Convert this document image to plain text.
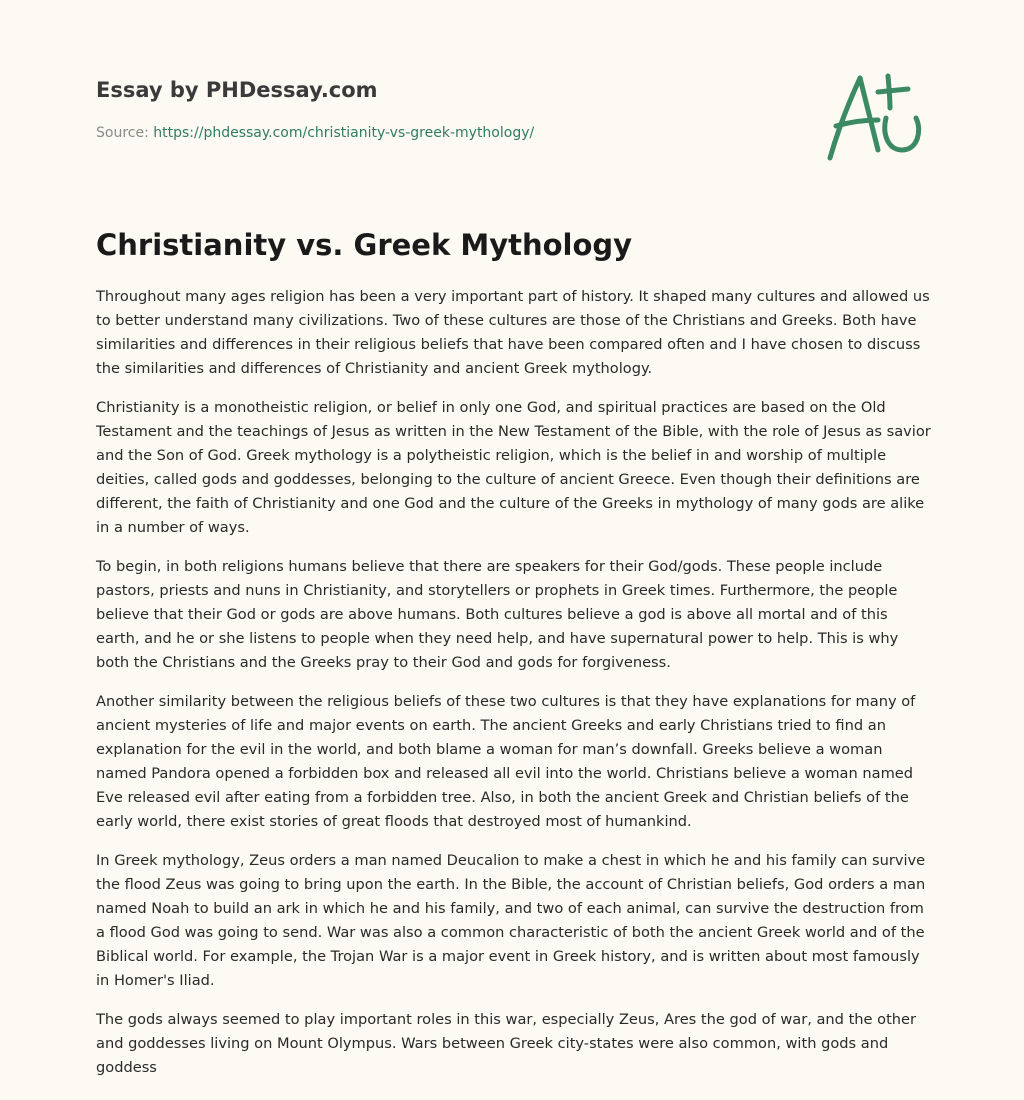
Essay by PHDessay.com
Source: https://phdessay.com/christianity-vs-greek-mythology/
Christianity vs. Greek Mythology

Throughout many ages religion has been a very important part of history. It shaped many cultures and allowed us to better understand many civilizations. Two of these cultures are those of the Christians and Greeks. Both have similarities and differences in their religious beliefs that have been compared often and I have chosen to discuss the similarities and differences of Christianity and ancient Greek mythology.

Christianity is a monotheistic religion, or belief in only one God, and spiritual practices are based on the Old Testament and the teachings of Jesus as written in the New Testament of the Bible, with the role of Jesus as savior and the Son of God. Greek mythology is a polytheistic religion, which is the belief in and worship of multiple deities, called gods and goddesses, belonging to the culture of ancient Greece. Even though their definitions are different, the faith of Christianity and one God and the culture of the Greeks in mythology of many gods are alike in a number of ways.

To begin, in both religions humans believe that there are speakers for their God/gods. These people include pastors, priests and nuns in Christianity, and storytellers or prophets in Greek times. Furthermore, the people believe that their God or gods are above humans. Both cultures believe a god is above all mortal and of this earth, and he or she listens to people when they need help, and have supernatural power to help. This is why both the Christians and the Greeks pray to their God and gods for forgiveness.

Another similarity between the religious beliefs of these two cultures is that they have explanations for many of ancient mysteries of life and major events on earth. The ancient Greeks and early Christians tried to find an explanation for the evil in the world, and both blame a woman for man’s downfall. Greeks believe a woman named Pandora opened a forbidden box and released all evil into the world. Christians believe a woman named Eve released evil after eating from a forbidden tree. Also, in both the ancient Greek and Christian beliefs of the early world, there exist stories of great floods that destroyed most of humankind.

In Greek mythology, Zeus orders a man named Deucalion to make a chest in which he and his family can survive the flood Zeus was going to bring upon the earth. In the Bible, the account of Christian beliefs, God orders a man named Noah to build an ark in which he and his family, and two of each animal, can survive the destruction from a flood God was going to send. War was also a common characteristic of both the ancient Greek world and of the Biblical world. For example, the Trojan War is a major event in Greek history, and is written about most famously in Homer's Iliad.

The gods always seemed to play important roles in this war, especially Zeus, Ares the god of war, and the other and goddesses living on Mount Olympus. Wars between Greek city-states were also common, with gods and goddess
